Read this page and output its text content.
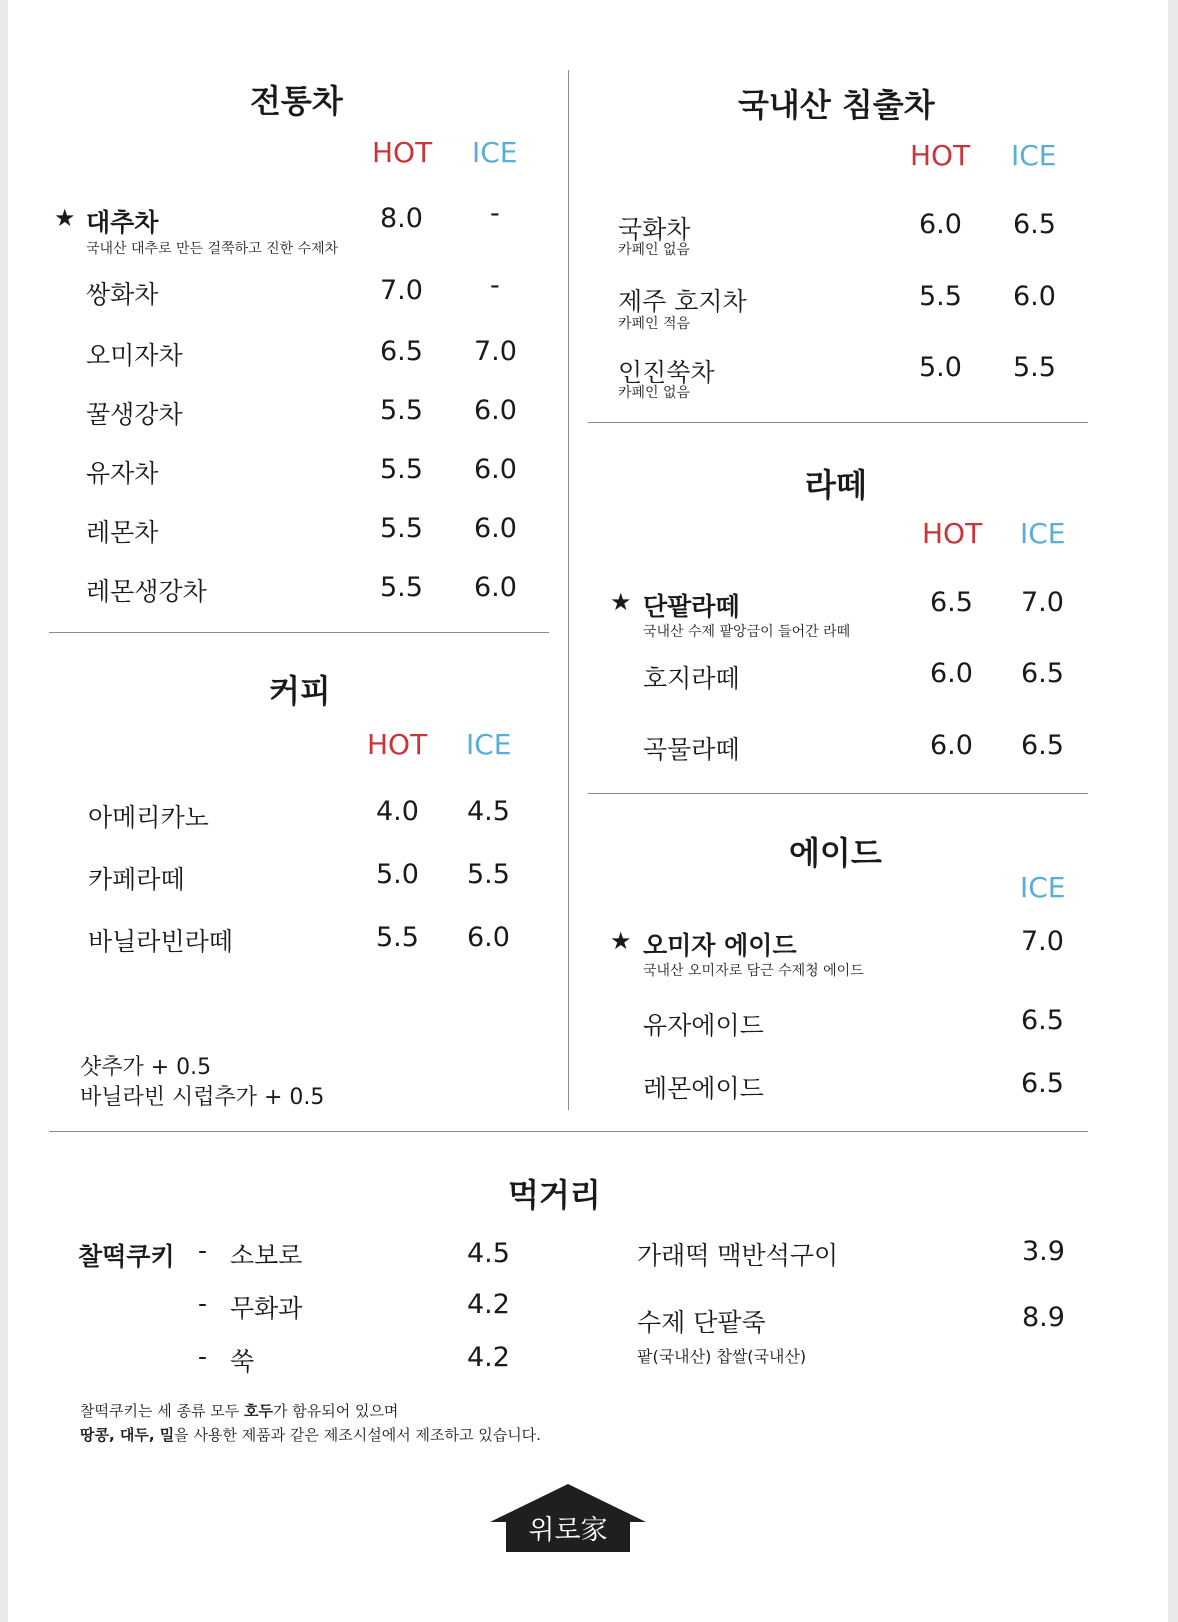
전통차
HOT ICE
★ 대추차
국내산 대추로 만든 걸쭉하고 진한 수제차
8.0 -
쌍화차	7.0 -
오미자차	6.5 7.0
꿀생강차	5.5 6.0
유자차	5.5 6.0
레몬차	5.5 6.0
레몬생강차	5.5 6.0
커피
HOT ICE
아메리카노	4.0 4.5
카페라떼	5.0 5.5
바닐라빈라떼	5.5 6.0
샷추가 + 0.5
바닐라빈 시럽추가 + 0.5
국내산 침출차
HOT ICE
국화차
카페인 없음
6.0 6.5
제주 호지차
카페인 적음
5.5 6.0
인진쑥차
카페인 없음
5.0 5.5
라떼
HOT ICE
★ 단팥라떼
국내산 수제 팥앙금이 들어간 라떼
6.5 7.0
호지라떼	6.0 6.5
곡물라떼	6.0 6.5
에이드
ICE
★ 오미자 에이드
국내산 오미자로 담근 수제청 에이드
7.0
유자에이드	6.5
레몬에이드	6.5
먹거리
찰떡쿠키 - 소보로	4.5
- 무화과	4.2
- 쑥	4.2
가래떡 맥반석구이	3.9
수제 단팥죽	8.9
팥(국내산) 찹쌀(국내산)
찰떡쿠키는 세 종류 모두 호두가 함유되어 있으며
땅콩, 대두, 밀을 사용한 제품과 같은 제조시설에서 제조하고 있습니다.
위로家
